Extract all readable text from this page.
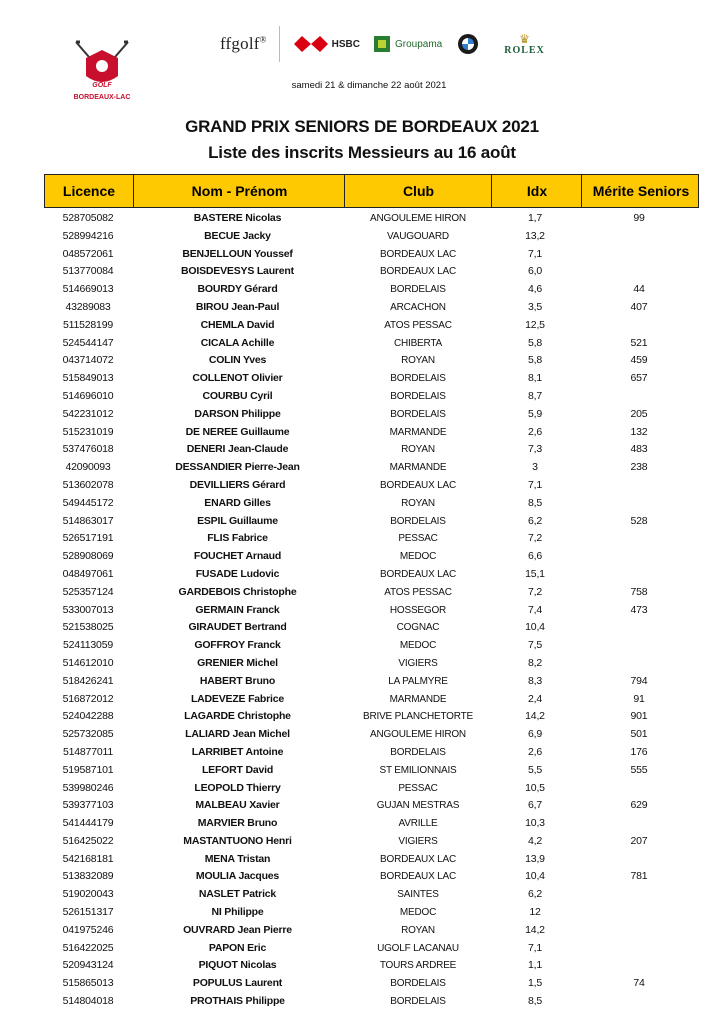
GOLF
BORDEAUX-LAC
ffgolf®	HSBC	Groupama	♛
ROLEX
samedi 21 & dimanche 22 août 2021
GRAND PRIX SENIORS DE BORDEAUX 2021
Liste des inscrits Messieurs au 16 août
Licence	Nom - Prénom	Club	Idx	Mérite Seniors
528705082	BASTERE Nicolas	ANGOULEME HIRON	1,7	99
528994216	BECUE Jacky	VAUGOUARD	13,2
048572061	BENJELLOUN Youssef	BORDEAUX LAC	7,1
513770084	BOISDEVESYS Laurent	BORDEAUX LAC	6,0
514669013	BOURDY Gérard	BORDELAIS	4,6	44
43289083	BIROU Jean-Paul	ARCACHON	3,5	407
511528199	CHEMLA David	ATOS PESSAC	12,5
524544147	CICALA Achille	CHIBERTA	5,8	521
043714072	COLIN Yves	ROYAN	5,8	459
515849013	COLLENOT Olivier	BORDELAIS	8,1	657
514696010	COURBU Cyril	BORDELAIS	8,7
542231012	DARSON Philippe	BORDELAIS	5,9	205
515231019	DE NEREE Guillaume	MARMANDE	2,6	132
537476018	DENERI Jean-Claude	ROYAN	7,3	483
42090093	DESSANDIER Pierre-Jean	MARMANDE	3	238
513602078	DEVILLIERS Gérard	BORDEAUX LAC	7,1
549445172	ENARD Gilles	ROYAN	8,5
514863017	ESPIL Guillaume	BORDELAIS	6,2	528
526517191	FLIS Fabrice	PESSAC	7,2
528908069	FOUCHET Arnaud	MEDOC	6,6
048497061	FUSADE Ludovic	BORDEAUX LAC	15,1
525357124	GARDEBOIS Christophe	ATOS PESSAC	7,2	758
533007013	GERMAIN Franck	HOSSEGOR	7,4	473
521538025	GIRAUDET Bertrand	COGNAC	10,4
524113059	GOFFROY Franck	MEDOC	7,5
514612010	GRENIER Michel	VIGIERS	8,2
518426241	HABERT Bruno	LA PALMYRE	8,3	794
516872012	LADEVEZE Fabrice	MARMANDE	2,4	91
524042288	LAGARDE Christophe	BRIVE PLANCHETORTE	14,2	901
525732085	LALIARD Jean Michel	ANGOULEME HIRON	6,9	501
514877011	LARRIBET Antoine	BORDELAIS	2,6	176
519587101	LEFORT David	ST EMILIONNAIS	5,5	555
539980246	LEOPOLD Thierry	PESSAC	10,5
539377103	MALBEAU Xavier	GUJAN MESTRAS	6,7	629
541444179	MARVIER Bruno	AVRILLE	10,3
516425022	MASTANTUONO Henri	VIGIERS	4,2	207
542168181	MENA Tristan	BORDEAUX LAC	13,9
513832089	MOULIA Jacques	BORDEAUX LAC	10,4	781
519020043	NASLET Patrick	SAINTES	6,2
526151317	NI Philippe	MEDOC	12
041975246	OUVRARD Jean Pierre	ROYAN	14,2
516422025	PAPON Eric	UGOLF LACANAU	7,1
520943124	PIQUOT Nicolas	TOURS ARDREE	1,1
515865013	POPULUS Laurent	BORDELAIS	1,5	74
514804018	PROTHAIS Philippe	BORDELAIS	8,5
